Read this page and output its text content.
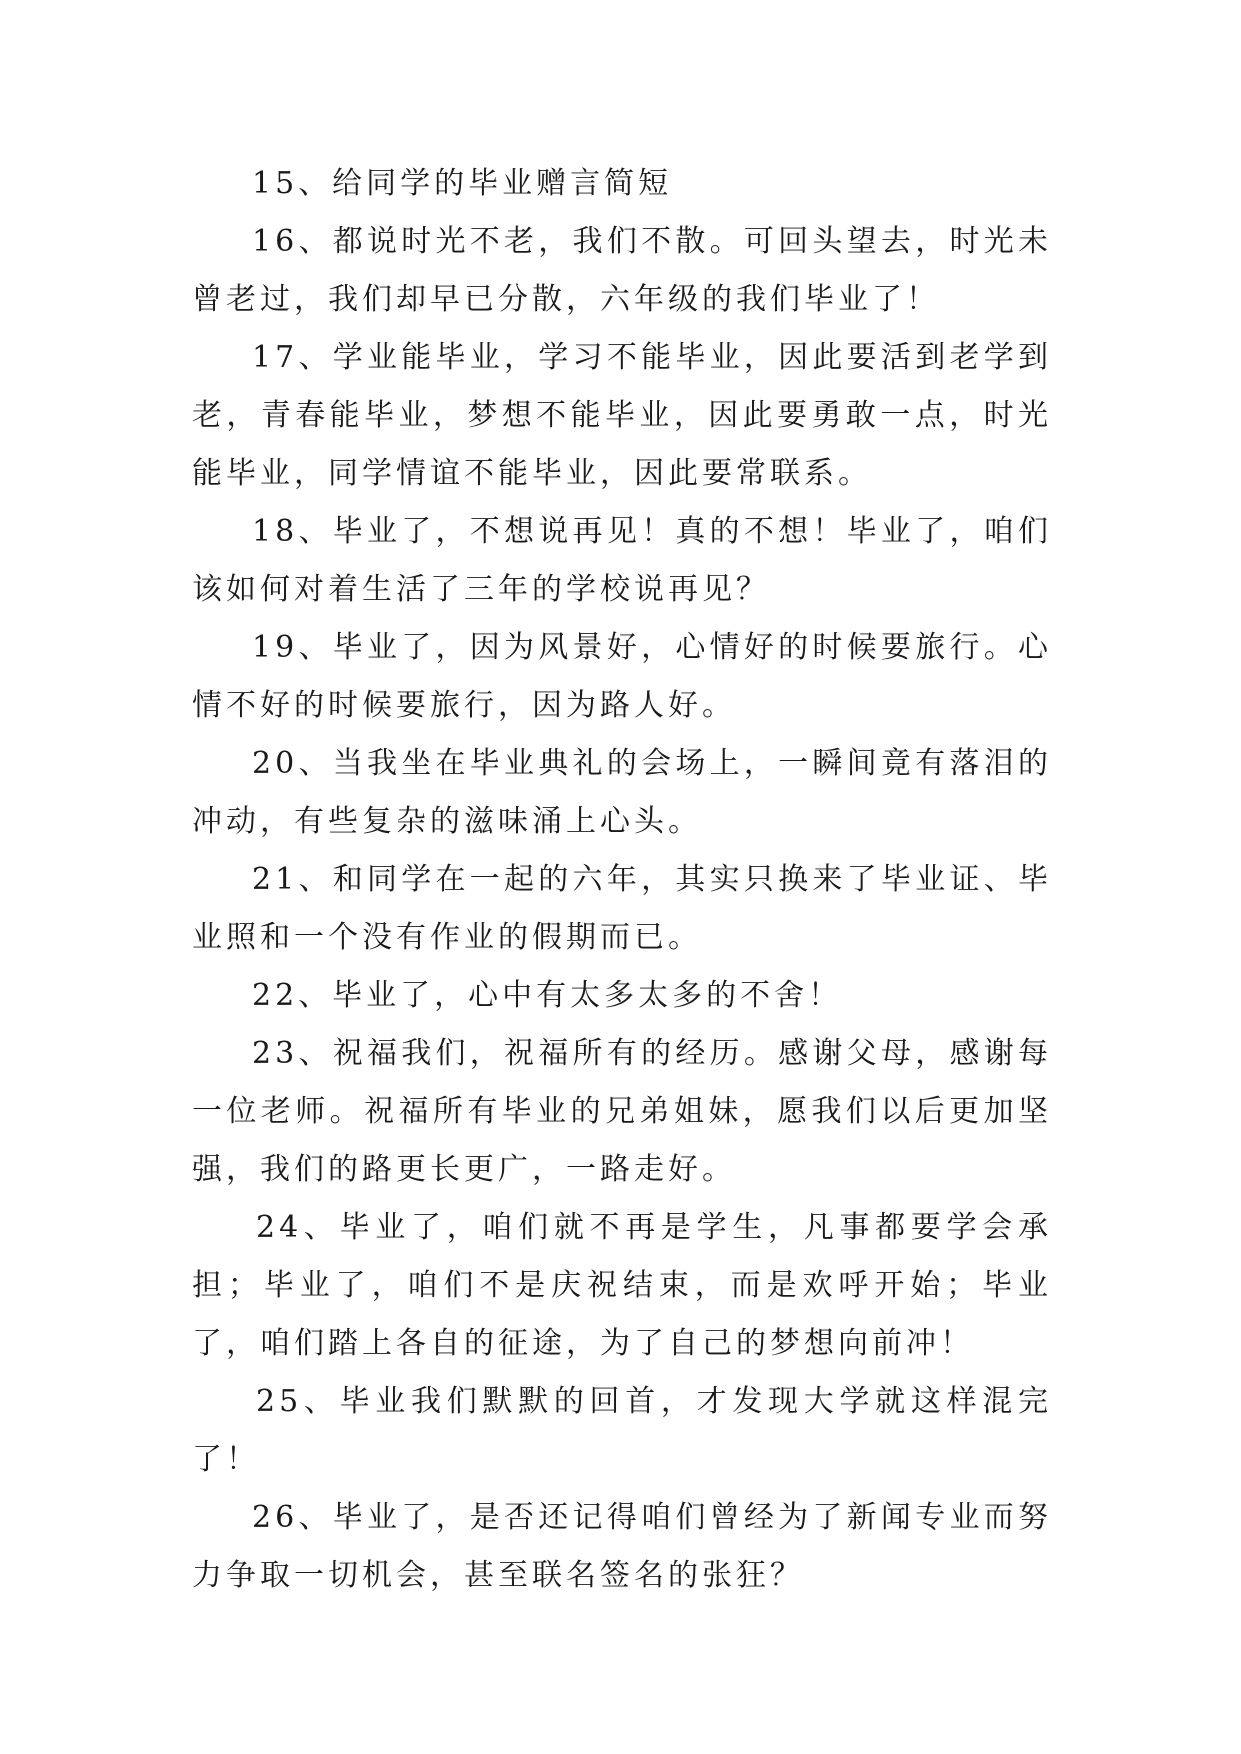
15、给同学的毕业赠言简短

16、都说时光不老，我们不散。可回头望去，时光未曾老过，我们却早已分散，六年级的我们毕业了！

17、学业能毕业，学习不能毕业，因此要活到老学到老，青春能毕业，梦想不能毕业，因此要勇敢一点，时光能毕业，同学情谊不能毕业，因此要常联系。

18、毕业了，不想说再见！真的不想！毕业了，咱们该如何对着生活了三年的学校说再见？

19、毕业了，因为风景好，心情好的时候要旅行。心情不好的时候要旅行，因为路人好。

20、当我坐在毕业典礼的会场上，一瞬间竟有落泪的冲动，有些复杂的滋味涌上心头。

21、和同学在一起的六年，其实只换来了毕业证、毕业照和一个没有作业的假期而已。

22、毕业了，心中有太多太多的不舍！

23、祝福我们，祝福所有的经历。感谢父母，感谢每一位老师。祝福所有毕业的兄弟姐妹，愿我们以后更加坚强，我们的路更长更广，一路走好。

24、毕业了，咱们就不再是学生，凡事都要学会承担；毕业了，咱们不是庆祝结束，而是欢呼开始；毕业了，咱们踏上各自的征途，为了自己的梦想向前冲！

25、毕业我们默默的回首，才发现大学就这样混完了！

26、毕业了，是否还记得咱们曾经为了新闻专业而努力争取一切机会，甚至联名签名的张狂？
